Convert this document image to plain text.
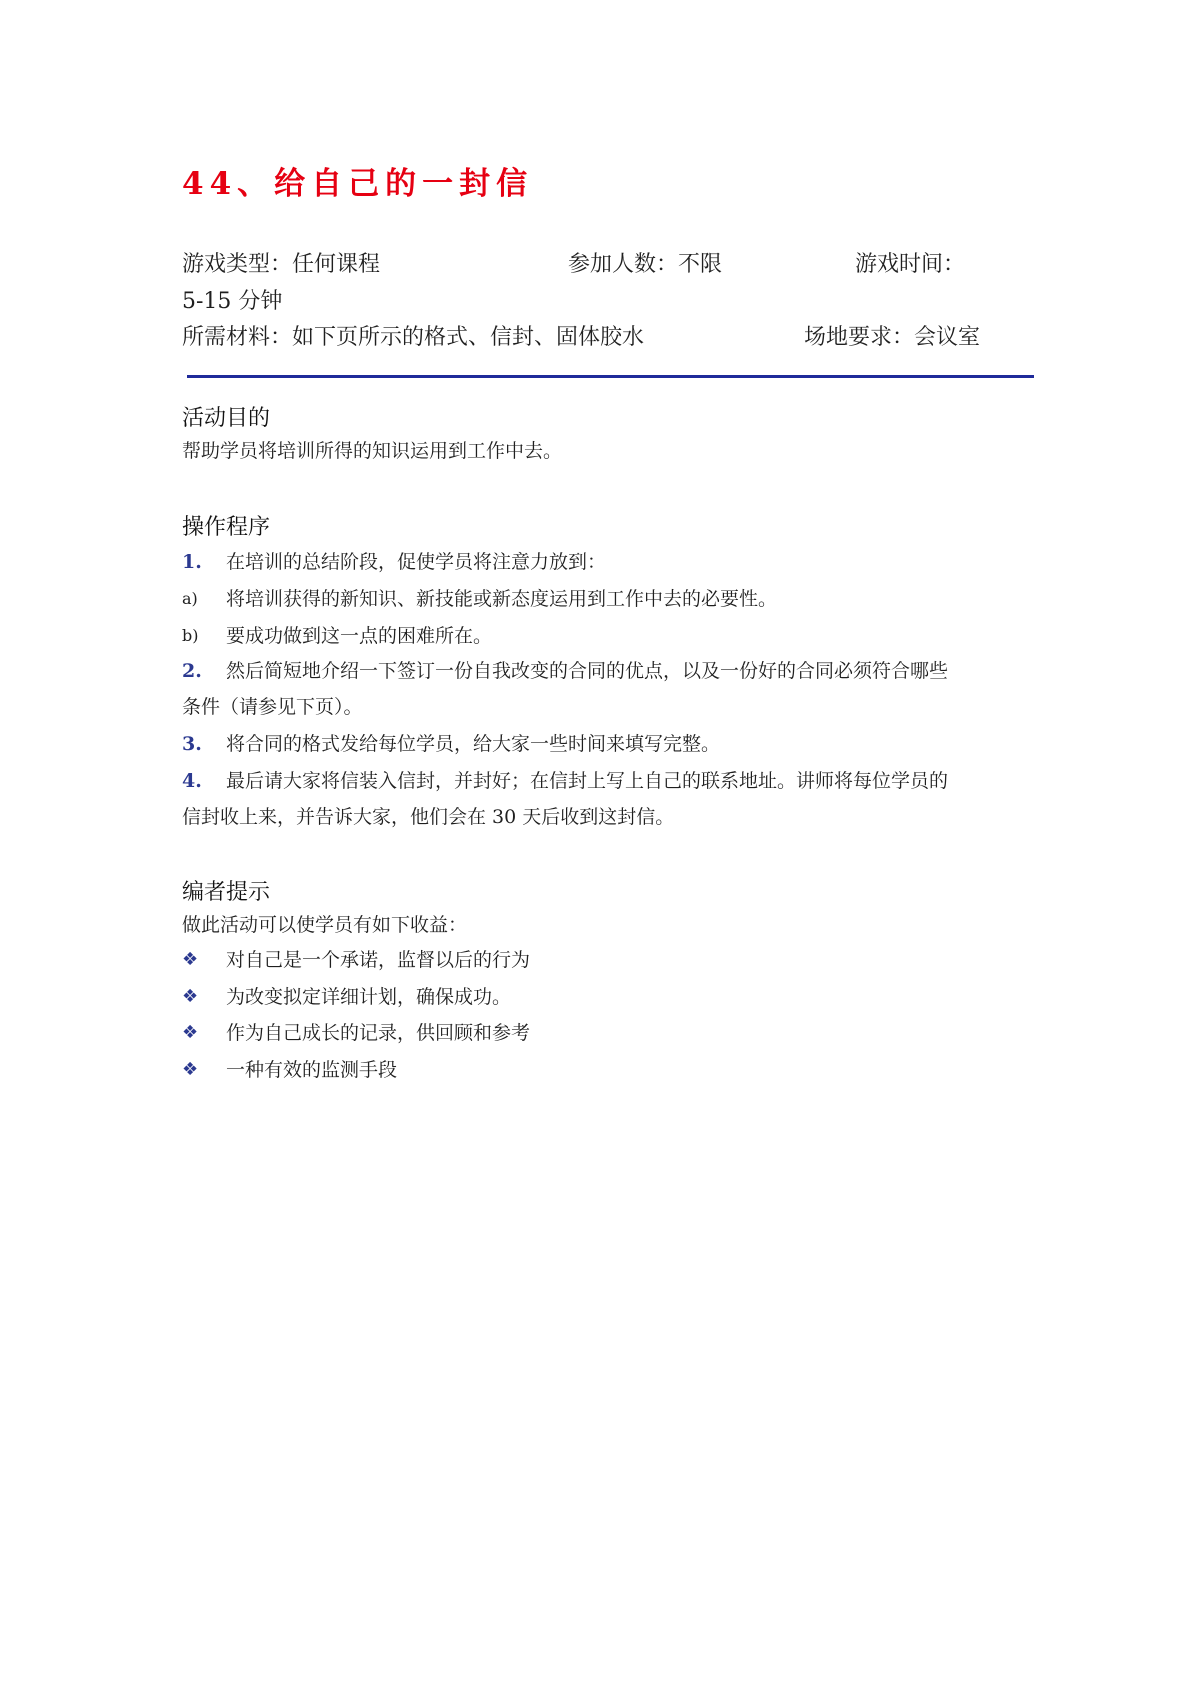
44、给自己的一封信
游戏类型：任何课程	参加人数：不限	游戏时间：
5-15 分钟
所需材料：如下页所示的格式、信封、固体胶水	场地要求：会议室
活动目的
帮助学员将培训所得的知识运用到工作中去。
操作程序
1.	在培训的总结阶段，促使学员将注意力放到：
a)	将培训获得的新知识、新技能或新态度运用到工作中去的必要性。
b)	要成功做到这一点的困难所在。
2.	然后简短地介绍一下签订一份自我改变的合同的优点，以及一份好的合同必须符合哪些
条件（请参见下页）。
3.	将合同的格式发给每位学员，给大家一些时间来填写完整。
4.	最后请大家将信装入信封，并封好；在信封上写上自己的联系地址。讲师将每位学员的
信封收上来，并告诉大家，他们会在 30 天后收到这封信。
编者提示
做此活动可以使学员有如下收益：
❖ 对自己是一个承诺，监督以后的行为
❖ 为改变拟定详细计划，确保成功。
❖ 作为自己成长的记录，供回顾和参考
❖ 一种有效的监测手段
